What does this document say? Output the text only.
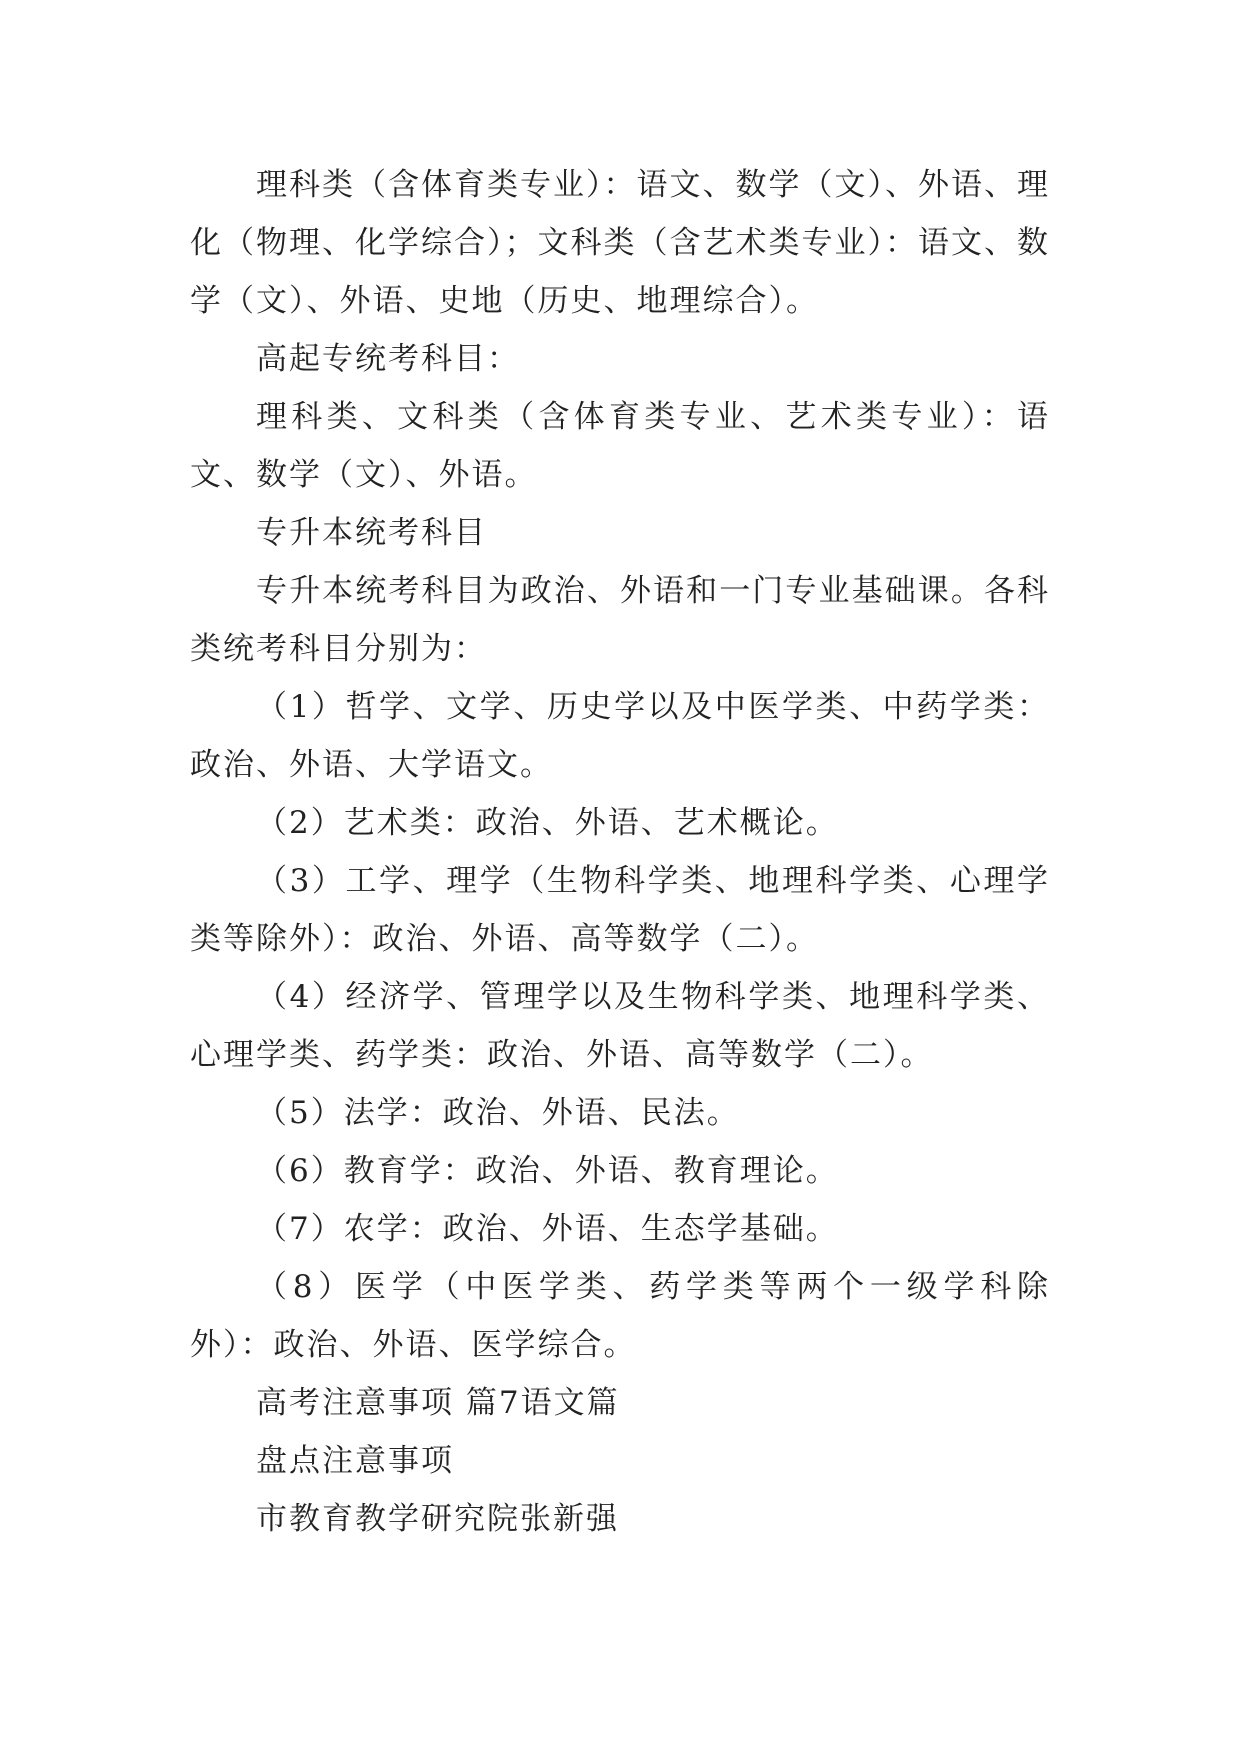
理科类（含体育类专业）：语文、数学（文）、外语、理化（物理、化学综合）；文科类（含艺术类专业）：语文、数学（文）、外语、史地（历史、地理综合）。

高起专统考科目：

理科类、文科类（含体育类专业、艺术类专业）：语文、数学（文）、外语。

专升本统考科目

专升本统考科目为政治、外语和一门专业基础课。各科类统考科目分别为：

（1）哲学、文学、历史学以及中医学类、中药学类：政治、外语、大学语文。

（2）艺术类：政治、外语、艺术概论。

（3）工学、理学（生物科学类、地理科学类、心理学类等除外）：政治、外语、高等数学（二）。

（4）经济学、管理学以及生物科学类、地理科学类、心理学类、药学类：政治、外语、高等数学（二）。

（5）法学：政治、外语、民法。

（6）教育学：政治、外语、教育理论。

（7）农学：政治、外语、生态学基础。

（8）医学（中医学类、药学类等两个一级学科除外）：政治、外语、医学综合。

高考注意事项 篇7语文篇

盘点注意事项

市教育教学研究院张新强
